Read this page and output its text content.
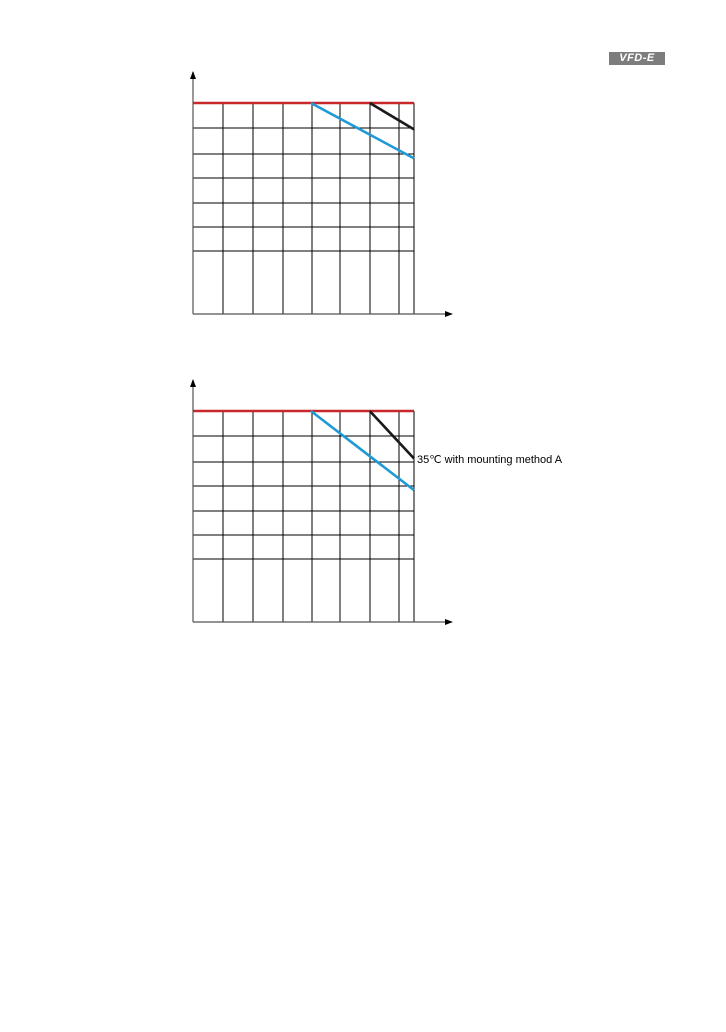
VFD-E
35℃ with mounting method A
